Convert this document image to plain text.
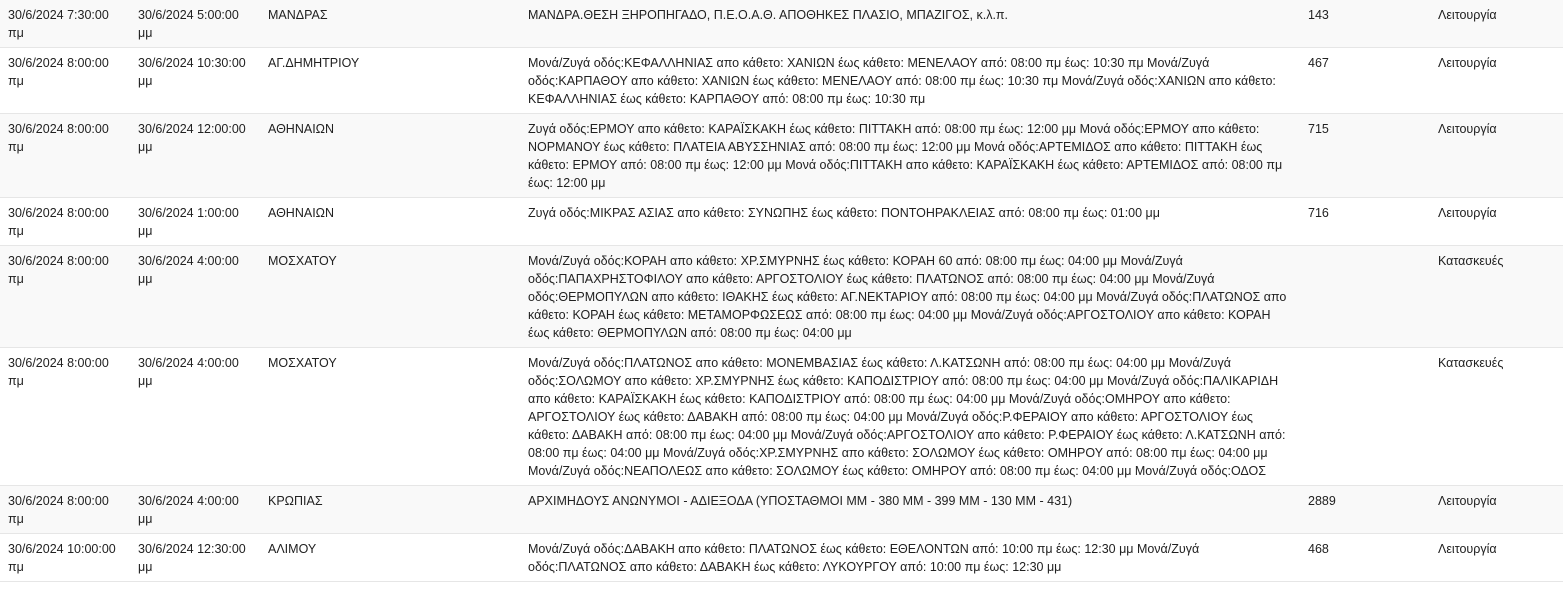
30/6/2024 7:30:00 πμ	30/6/2024 5:00:00 μμ	ΜΑΝΔΡΑΣ	ΜΑΝΔΡΑ.ΘΕΣΗ ΞΗΡΟΠΗΓΑΔΟ, Π.Ε.Ο.Α.Θ. ΑΠΟΘΗΚΕΣ ΠΛΑΣΙΟ, ΜΠΑΖΙΓΟΣ, κ.λ.π.	143	Λειτουργία
30/6/2024 8:00:00 πμ	30/6/2024 10:30:00 μμ	ΑΓ.ΔΗΜΗΤΡΙΟΥ	Μονά/Ζυγά οδός:ΚΕΦΑΛΛΗΝΙΑΣ απο κάθετο: ΧΑΝΙΩΝ έως κάθετο: ΜΕΝΕΛΑΟΥ από: 08:00 πμ έως: 10:30 πμ Μονά/Ζυγά οδός:ΚΑΡΠΑΘΟΥ απο κάθετο: ΧΑΝΙΩΝ έως κάθετο: ΜΕΝΕΛΑΟΥ από: 08:00 πμ έως: 10:30 πμ Μονά/Ζυγά οδός:ΧΑΝΙΩΝ απο κάθετο: ΚΕΦΑΛΛΗΝΙΑΣ έως κάθετο: ΚΑΡΠΑΘΟΥ από: 08:00 πμ έως: 10:30 πμ	467	Λειτουργία
30/6/2024 8:00:00 πμ	30/6/2024 12:00:00 μμ	ΑΘΗΝΑΙΩΝ	Ζυγά οδός:ΕΡΜΟΥ απο κάθετο: ΚΑΡΑΪΣΚΑΚΗ έως κάθετο: ΠΙΤΤΑΚΗ από: 08:00 πμ έως: 12:00 μμ Μονά οδός:ΕΡΜΟΥ απο κάθετο: ΝΟΡΜΑΝΟΥ έως κάθετο: ΠΛΑΤΕΙΑ ΑΒΥΣΣΗΝΙΑΣ από: 08:00 πμ έως: 12:00 μμ Μονά οδός:ΑΡΤΕΜΙΔΟΣ απο κάθετο: ΠΙΤΤΑΚΗ έως κάθετο: ΕΡΜΟΥ από: 08:00 πμ έως: 12:00 μμ Μονά οδός:ΠΙΤΤΑΚΗ απο κάθετο: ΚΑΡΑΪΣΚΑΚΗ έως κάθετο: ΑΡΤΕΜΙΔΟΣ από: 08:00 πμ έως: 12:00 μμ	715	Λειτουργία
30/6/2024 8:00:00 πμ	30/6/2024 1:00:00 μμ	ΑΘΗΝΑΙΩΝ	Ζυγά οδός:ΜΙΚΡΑΣ ΑΣΙΑΣ απο κάθετο: ΣΥΝΩΠΗΣ έως κάθετο: ΠΟΝΤΟΗΡΑΚΛΕΙΑΣ από: 08:00 πμ έως: 01:00 μμ	716	Λειτουργία
30/6/2024 8:00:00 πμ	30/6/2024 4:00:00 μμ	ΜΟΣΧΑΤΟΥ	Μονά/Ζυγά οδός:ΚΟΡΑΗ απο κάθετο: ΧΡ.ΣΜΥΡΝΗΣ έως κάθετο: ΚΟΡΑΗ 60 από: 08:00 πμ έως: 04:00 μμ Μονά/Ζυγά οδός:ΠΑΠΑΧΡΗΣΤΟΦΙΛΟΥ απο κάθετο: ΑΡΓΟΣΤΟΛΙΟΥ έως κάθετο: ΠΛΑΤΩΝΟΣ από: 08:00 πμ έως: 04:00 μμ Μονά/Ζυγά οδός:ΘΕΡΜΟΠΥΛΩΝ απο κάθετο: ΙΘΑΚΗΣ έως κάθετο: ΑΓ.ΝΕΚΤΑΡΙΟΥ από: 08:00 πμ έως: 04:00 μμ Μονά/Ζυγά οδός:ΠΛΑΤΩΝΟΣ απο κάθετο: ΚΟΡΑΗ έως κάθετο: ΜΕΤΑΜΟΡΦΩΣΕΩΣ από: 08:00 πμ έως: 04:00 μμ Μονά/Ζυγά οδός:ΑΡΓΟΣΤΟΛΙΟΥ απο κάθετο: ΚΟΡΑΗ έως κάθετο: ΘΕΡΜΟΠΥΛΩΝ από: 08:00 πμ έως: 04:00 μμ		Κατασκευές
30/6/2024 8:00:00 πμ	30/6/2024 4:00:00 μμ	ΜΟΣΧΑΤΟΥ	Μονά/Ζυγά οδός:ΠΛΑΤΩΝΟΣ απο κάθετο: ΜΟΝΕΜΒΑΣΙΑΣ έως κάθετο: Λ.ΚΑΤΣΩΝΗ από: 08:00 πμ έως: 04:00 μμ Μονά/Ζυγά οδός:ΣΟΛΩΜΟΥ απο κάθετο: ΧΡ.ΣΜΥΡΝΗΣ έως κάθετο: ΚΑΠΟΔΙΣΤΡΙΟΥ από: 08:00 πμ έως: 04:00 μμ Μονά/Ζυγά οδός:ΠΑΛΙΚΑΡΙΔΗ απο κάθετο: ΚΑΡΑΪΣΚΑΚΗ έως κάθετο: ΚΑΠΟΔΙΣΤΡΙΟΥ από: 08:00 πμ έως: 04:00 μμ Μονά/Ζυγά οδός:ΟΜΗΡΟΥ απο κάθετο: ΑΡΓΟΣΤΟΛΙΟΥ έως κάθετο: ΔΑΒΑΚΗ από: 08:00 πμ έως: 04:00 μμ Μονά/Ζυγά οδός:Ρ.ΦΕΡΑΙΟΥ απο κάθετο: ΑΡΓΟΣΤΟΛΙΟΥ έως κάθετο: ΔΑΒΑΚΗ από: 08:00 πμ έως: 04:00 μμ Μονά/Ζυγά οδός:ΑΡΓΟΣΤΟΛΙΟΥ απο κάθετο: Ρ.ΦΕΡΑΙΟΥ έως κάθετο: Λ.ΚΑΤΣΩΝΗ από: 08:00 πμ έως: 04:00 μμ Μονά/Ζυγά οδός:ΧΡ.ΣΜΥΡΝΗΣ απο κάθετο: ΣΟΛΩΜΟΥ έως κάθετο: ΟΜΗΡΟΥ από: 08:00 πμ έως: 04:00 μμ Μονά/Ζυγά οδός:ΝΕΑΠΟΛΕΩΣ απο κάθετο: ΣΟΛΩΜΟΥ έως κάθετο: ΟΜΗΡΟΥ από: 08:00 πμ έως: 04:00 μμ Μονά/Ζυγά οδός:ΟΔΟΣ		Κατασκευές
30/6/2024 8:00:00 πμ	30/6/2024 4:00:00 μμ	ΚΡΩΠΙΑΣ	ΑΡΧΙΜΗΔΟΥΣ ΑΝΩΝΥΜΟΙ - ΑΔΙΕΞΟΔΑ (ΥΠΟΣΤΑΘΜΟΙ ΜΜ - 380 ΜΜ - 399 ΜΜ - 130 ΜΜ - 431)	2889	Λειτουργία
30/6/2024 10:00:00 πμ	30/6/2024 12:30:00 μμ	ΑΛΙΜΟΥ	Μονά/Ζυγά οδός:ΔΑΒΑΚΗ απο κάθετο: ΠΛΑΤΩΝΟΣ έως κάθετο: ΕΘΕΛΟΝΤΩΝ από: 10:00 πμ έως: 12:30 μμ Μονά/Ζυγά οδός:ΠΛΑΤΩΝΟΣ απο κάθετο: ΔΑΒΑΚΗ έως κάθετο: ΛΥΚΟΥΡΓΟΥ από: 10:00 πμ έως: 12:30 μμ	468	Λειτουργία
